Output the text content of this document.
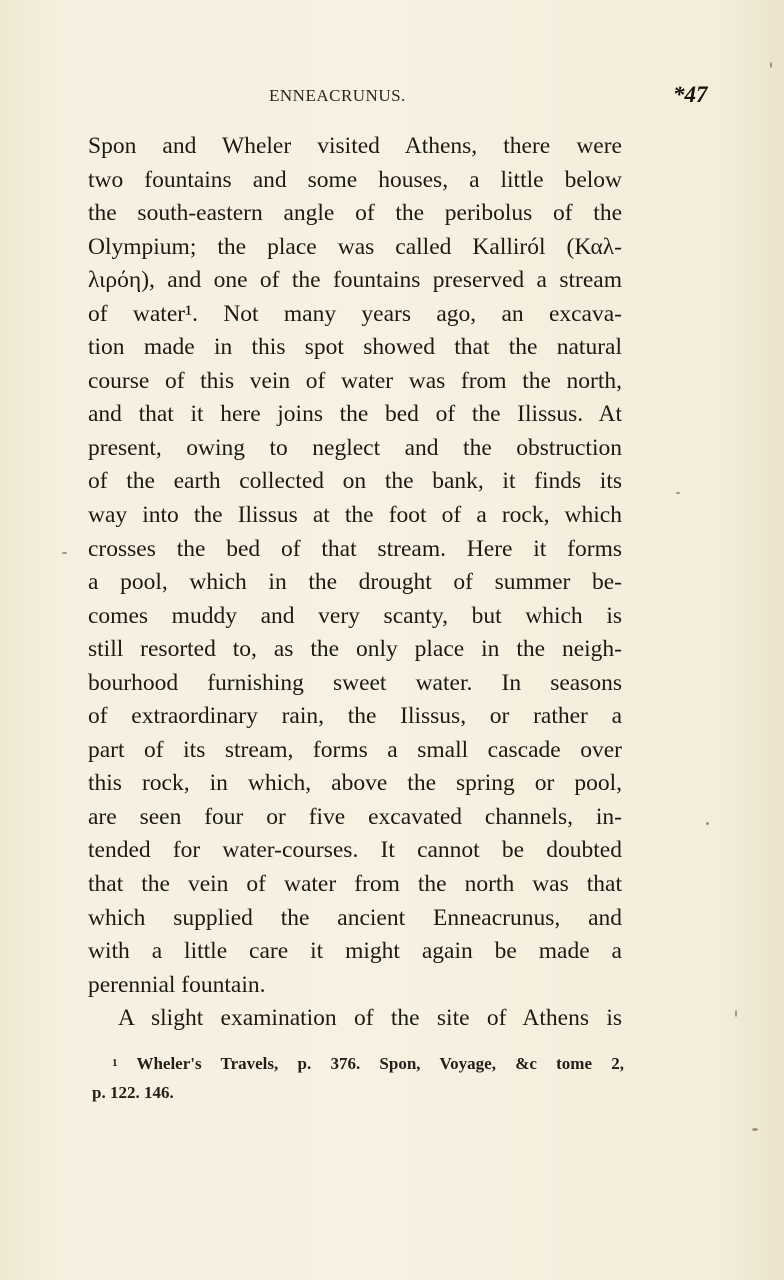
ENNEACRUNUS.	*47
Spon and Wheler visited Athens, there were
two fountains and some houses, a little below
the south-eastern angle of the peribolus of the
Olympium; the place was called Kalliról (Καλ-
λιρόη), and one of the fountains preserved a stream
of water¹. Not many years ago, an excava-
tion made in this spot showed that the natural
course of this vein of water was from the north,
and that it here joins the bed of the Ilissus. At
present, owing to neglect and the obstruction
of the earth collected on the bank, it finds its
way into the Ilissus at the foot of a rock, which
crosses the bed of that stream. Here it forms
a pool, which in the drought of summer be-
comes muddy and very scanty, but which is
still resorted to, as the only place in the neigh-
bourhood furnishing sweet water. In seasons
of extraordinary rain, the Ilissus, or rather a
part of its stream, forms a small cascade over
this rock, in which, above the spring or pool,
are seen four or five excavated channels, in-
tended for water-courses. It cannot be doubted
that the vein of water from the north was that
which supplied the ancient Enneacrunus, and
with a little care it might again be made a
perennial fountain.
A slight examination of the site of Athens is
1 Wheler's Travels, p. 376. Spon, Voyage, &c tome 2,
p. 122. 146.
